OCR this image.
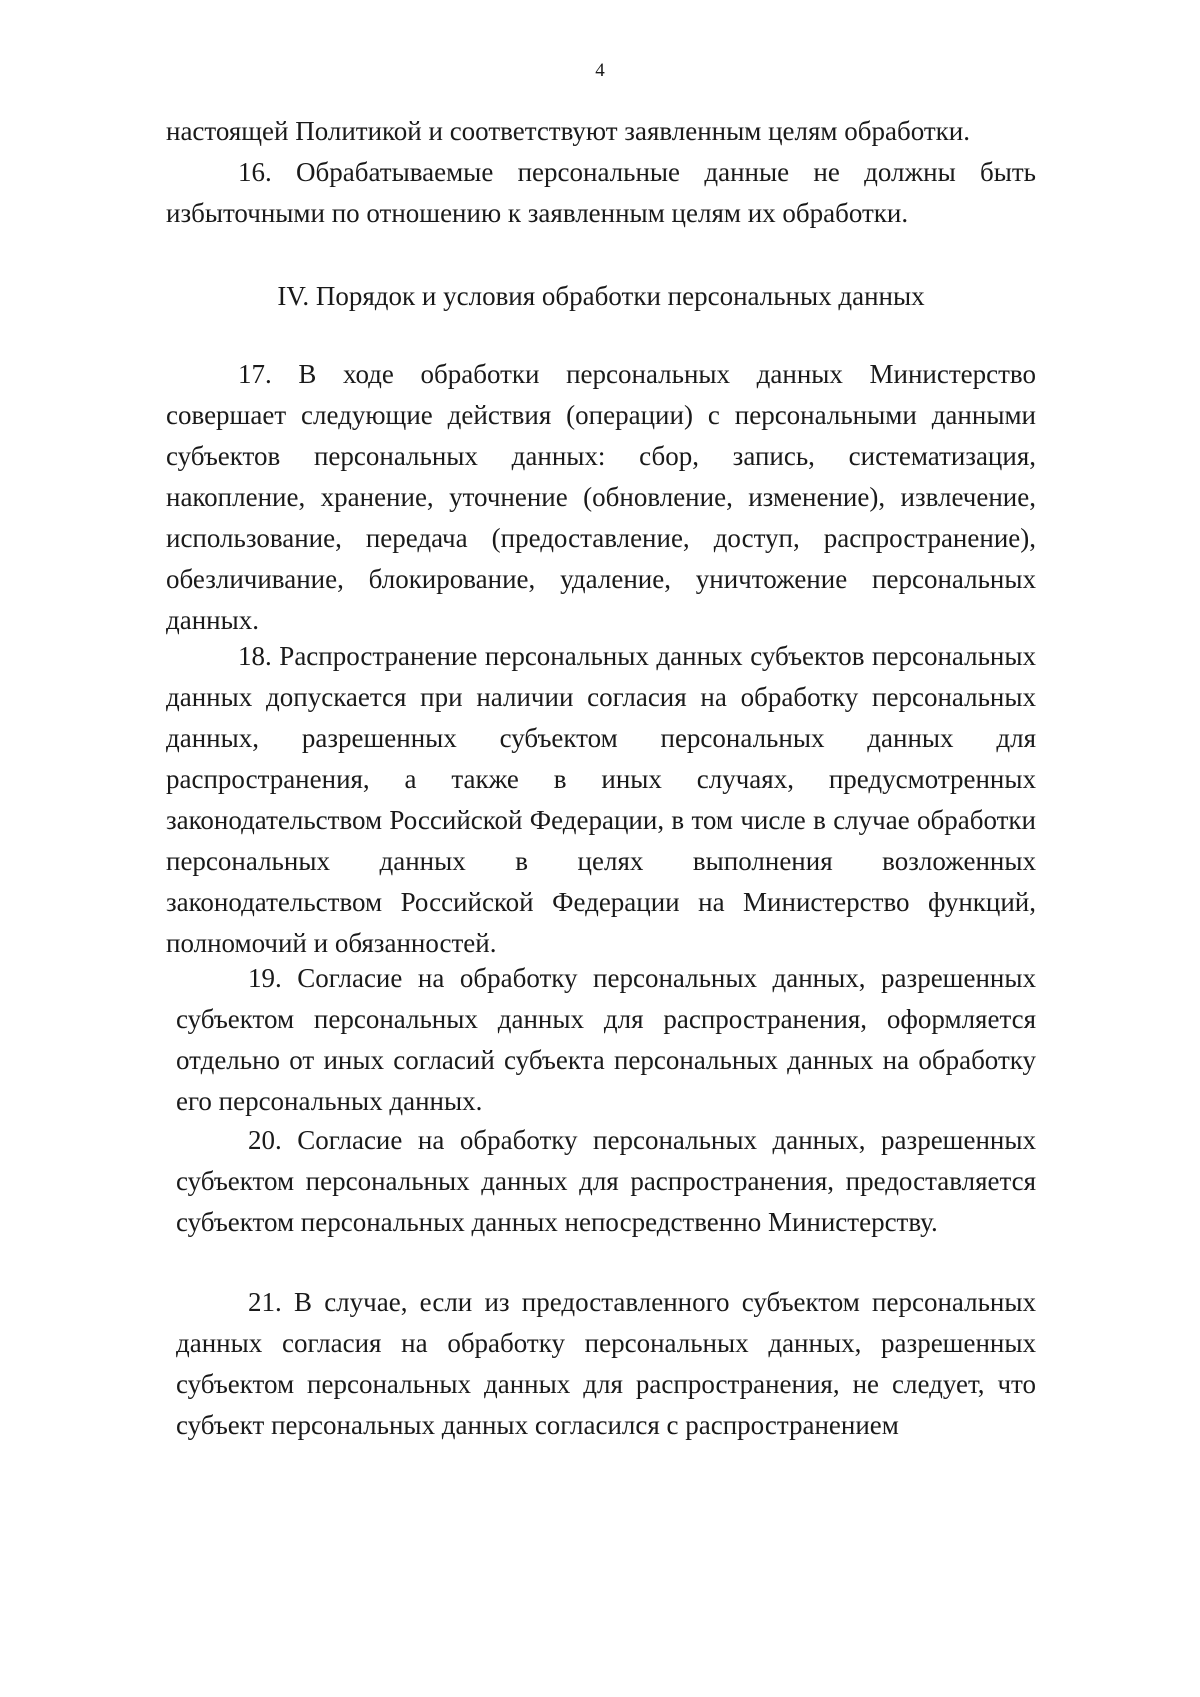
4

настоящей Политикой и соответствуют заявленным целям обработки.

16. Обрабатываемые персональные данные не должны быть избыточными по отношению к заявленным целям их обработки.

IV. Порядок и условия обработки персональных данных

17. В ходе обработки персональных данных Министерство совершает следующие действия (операции) с персональными данными субъектов персональных данных: сбор, запись, систематизация, накопление, хранение, уточнение (обновление, изменение), извлечение, использование, передача (предоставление, доступ, распространение), обезличивание, блокирование, удаление, уничтожение персональных данных.

18. Распространение персональных данных субъектов персональных данных допускается при наличии согласия на обработку персональных данных, разрешенных субъектом персональных данных для распространения, а также в иных случаях, предусмотренных законодательством Российской Федерации, в том числе в случае обработки персональных данных в целях выполнения возложенных законодательством Российской Федерации на Министерство функций, полномочий и обязанностей.

19. Согласие на обработку персональных данных, разрешенных субъектом персональных данных для распространения, оформляется отдельно от иных согласий субъекта персональных данных на обработку его персональных данных.

20. Согласие на обработку персональных данных, разрешенных субъектом персональных данных для распространения, предоставляется субъектом персональных данных непосредственно Министерству.

21. В случае, если из предоставленного субъектом персональных данных согласия на обработку персональных данных, разрешенных субъектом персональных данных для распространения, не следует, что субъект персональных данных согласился с распространением
